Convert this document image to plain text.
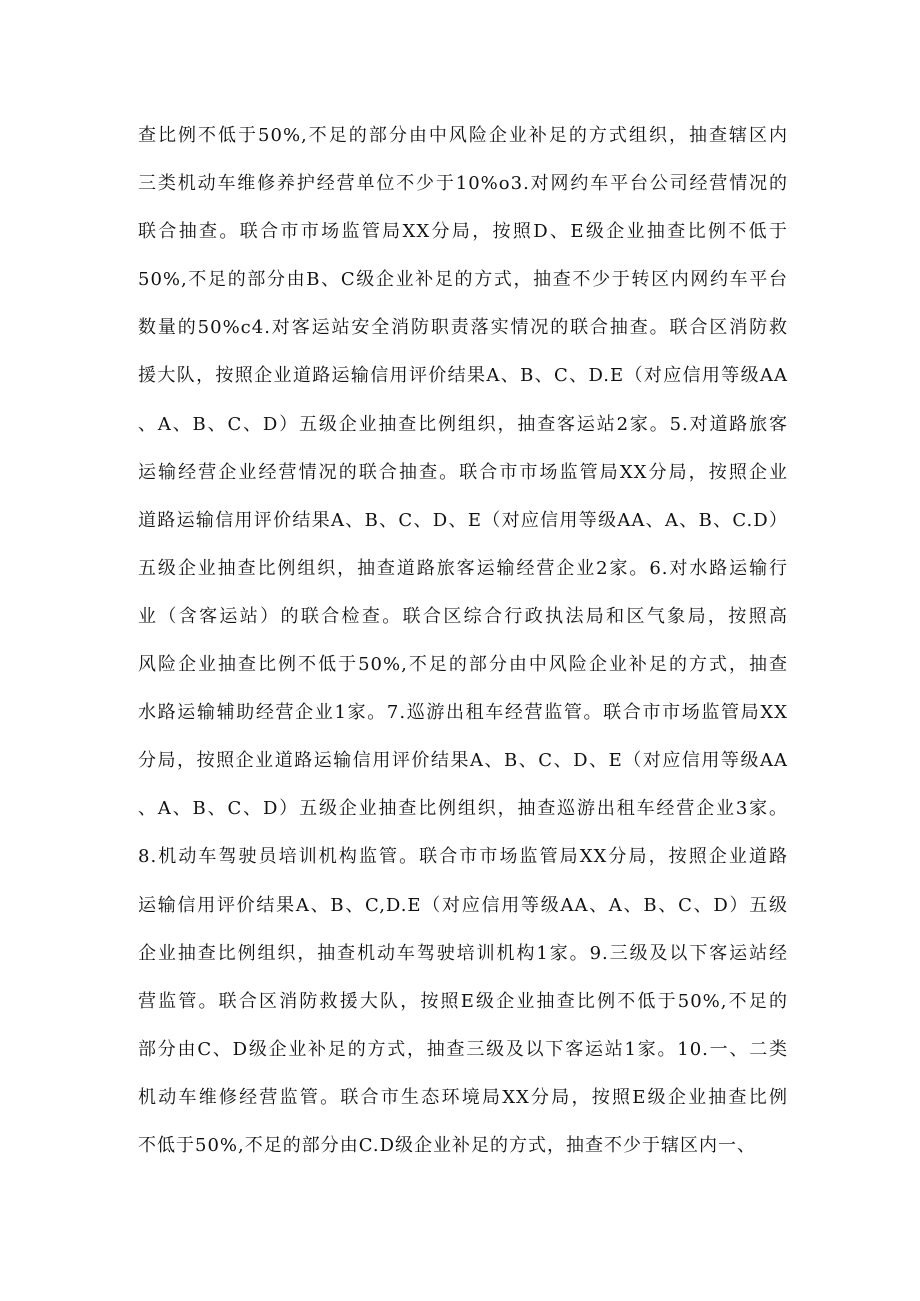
查比例不低于50%,不足的部分由中风险企业补足的方式组织，抽查辖区内
三类机动车维修养护经营单位不少于10%o3.对网约车平台公司经营情况的
联合抽查。联合市市场监管局XX分局，按照D、E级企业抽查比例不低于
50%,不足的部分由B、C级企业补足的方式，抽查不少于转区内网约车平台
数量的50%c4.对客运站安全消防职责落实情况的联合抽查。联合区消防救
援大队，按照企业道路运输信用评价结果A、B、C、D.E（对应信用等级AA
、A、B、C、D）五级企业抽查比例组织，抽查客运站2家。5.对道路旅客
运输经营企业经营情况的联合抽查。联合市市场监管局XX分局，按照企业
道路运输信用评价结果A、B、C、D、E（对应信用等级AA、A、B、C.D）
五级企业抽查比例组织，抽查道路旅客运输经营企业2家。6.对水路运输行
业（含客运站）的联合检查。联合区综合行政执法局和区气象局，按照高
风险企业抽查比例不低于50%,不足的部分由中风险企业补足的方式，抽查
水路运输辅助经营企业1家。7.巡游出租车经营监管。联合市市场监管局XX
分局，按照企业道路运输信用评价结果A、B、C、D、E（对应信用等级AA
、A、B、C、D）五级企业抽查比例组织，抽查巡游出租车经营企业3家。
8.机动车驾驶员培训机构监管。联合市市场监管局XX分局，按照企业道路
运输信用评价结果A、B、C,D.E（对应信用等级AA、A、B、C、D）五级
企业抽查比例组织，抽查机动车驾驶培训机构1家。9.三级及以下客运站经
营监管。联合区消防救援大队，按照E级企业抽查比例不低于50%,不足的
部分由C、D级企业补足的方式，抽查三级及以下客运站1家。10.一、二类
机动车维修经营监管。联合市生态环境局XX分局，按照E级企业抽查比例
不低于50%,不足的部分由C.D级企业补足的方式，抽查不少于辖区内一、
